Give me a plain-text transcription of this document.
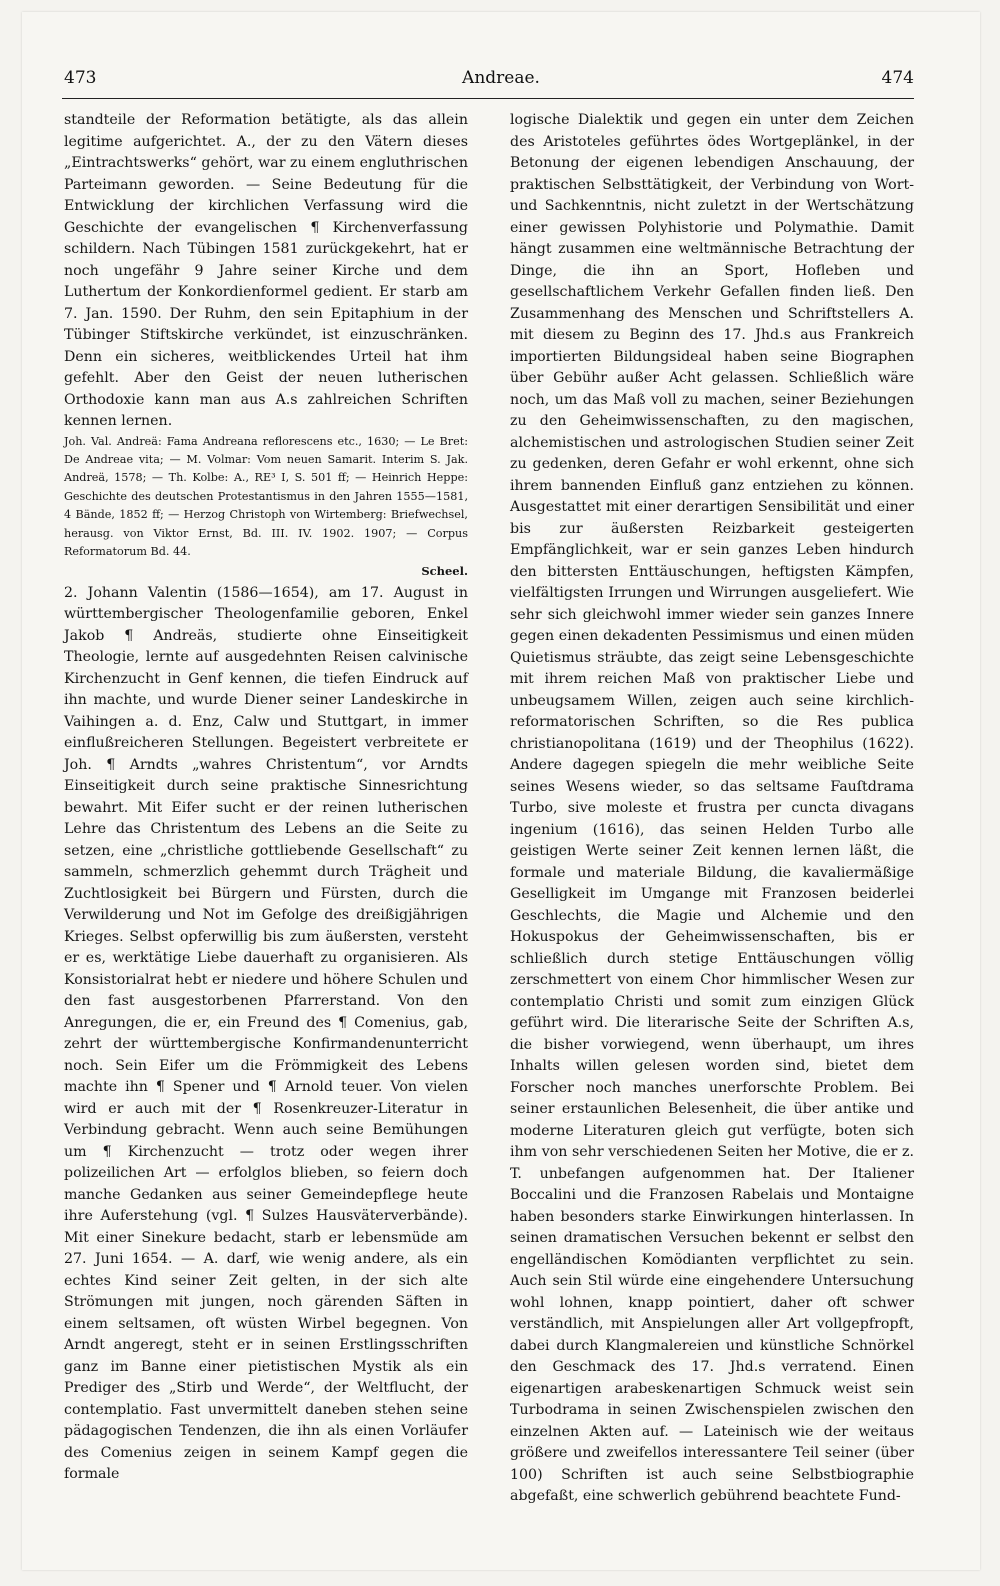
473	Andreae.	474

standteile der Reformation betätigte, als das allein legitime aufgerichtet. A., der zu den Vätern dieses „Eintrachtswerks“ gehört, war zu einem engluthrischen Parteimann geworden. — Seine Bedeutung für die Entwicklung der kirchlichen Verfassung wird die Geschichte der evangelischen ¶ Kirchenverfassung schildern. Nach Tübingen 1581 zurückgekehrt, hat er noch ungefähr 9 Jahre seiner Kirche und dem Luthertum der Konkordienformel gedient. Er starb am 7. Jan. 1590. Der Ruhm, den sein Epitaphium in der Tübinger Stiftskirche verkündet, ist einzuschränken. Denn ein sicheres, weitblickendes Urteil hat ihm gefehlt. Aber den Geist der neuen lutherischen Orthodoxie kann man aus A.s zahlreichen Schriften kennen lernen.

Joh. Val. Andreä: Fama Andreana reflorescens etc., 1630; — Le Bret: De Andreae vita; — M. Volmar: Vom neuen Samarit. Interim S. Jak. Andreä, 1578; — Th. Kolbe: A., RE³ I, S. 501 ff; — Heinrich Heppe: Geschichte des deutschen Protestantismus in den Jahren 1555—1581, 4 Bände, 1852 ff; — Herzog Christoph von Wirtemberg: Briefwechsel, herausg. von Viktor Ernst, Bd. III. IV. 1902. 1907; — Corpus Reformatorum Bd. 44.

Scheel.

2. Johann Valentin (1586—1654), am 17. August in württembergischer Theologenfamilie geboren, Enkel Jakob ¶ Andreäs, studierte ohne Einseitigkeit Theologie, lernte auf ausgedehnten Reisen calvinische Kirchenzucht in Genf kennen, die tiefen Eindruck auf ihn machte, und wurde Diener seiner Landeskirche in Vaihingen a. d. Enz, Calw und Stuttgart, in immer einflußreicheren Stellungen. Begeistert verbreitete er Joh. ¶ Arndts „wahres Christentum“, vor Arndts Einseitigkeit durch seine praktische Sinnesrichtung bewahrt. Mit Eifer sucht er der reinen lutherischen Lehre das Christentum des Lebens an die Seite zu setzen, eine „christliche gottliebende Gesellschaft“ zu sammeln, schmerzlich gehemmt durch Trägheit und Zuchtlosigkeit bei Bürgern und Fürsten, durch die Verwilderung und Not im Gefolge des dreißigjährigen Krieges. Selbst opferwillig bis zum äußersten, versteht er es, werktätige Liebe dauerhaft zu organisieren. Als Konsistorialrat hebt er niedere und höhere Schulen und den fast ausgestorbenen Pfarrerstand. Von den Anregungen, die er, ein Freund des ¶ Comenius, gab, zehrt der württembergische Konfirmandenunterricht noch. Sein Eifer um die Frömmigkeit des Lebens machte ihn ¶ Spener und ¶ Arnold teuer. Von vielen wird er auch mit der ¶ Rosenkreuzer-Literatur in Verbindung gebracht. Wenn auch seine Bemühungen um ¶ Kirchenzucht — trotz oder wegen ihrer polizeilichen Art — erfolglos blieben, so feiern doch manche Gedanken aus seiner Gemeindepflege heute ihre Auferstehung (vgl. ¶ Sulzes Hausväterverbände). Mit einer Sinekure bedacht, starb er lebensmüde am 27. Juni 1654. — A. darf, wie wenig andere, als ein echtes Kind seiner Zeit gelten, in der sich alte Strömungen mit jungen, noch gärenden Säften in einem seltsamen, oft wüsten Wirbel begegnen. Von Arndt angeregt, steht er in seinen Erstlingsschriften ganz im Banne einer pietistischen Mystik als ein Prediger des „Stirb und Werde“, der Weltflucht, der contemplatio. Fast unvermittelt daneben stehen seine pädagogischen Tendenzen, die ihn als einen Vorläufer des Comenius zeigen in seinem Kampf gegen die formale

logische Dialektik und gegen ein unter dem Zeichen des Aristoteles geführtes ödes Wortgeplänkel, in der Betonung der eigenen lebendigen Anschauung, der praktischen Selbsttätigkeit, der Verbindung von Wort- und Sachkenntnis, nicht zuletzt in der Wertschätzung einer gewissen Polyhistorie und Polymathie. Damit hängt zusammen eine weltmännische Betrachtung der Dinge, die ihn an Sport, Hofleben und gesellschaftlichem Verkehr Gefallen finden ließ. Den Zusammenhang des Menschen und Schriftstellers A. mit diesem zu Beginn des 17. Jhd.s aus Frankreich importierten Bildungsideal haben seine Biographen über Gebühr außer Acht gelassen. Schließlich wäre noch, um das Maß voll zu machen, seiner Beziehungen zu den Geheimwissenschaften, zu den magischen, alchemistischen und astrologischen Studien seiner Zeit zu gedenken, deren Gefahr er wohl erkennt, ohne sich ihrem bannenden Einfluß ganz entziehen zu können. Ausgestattet mit einer derartigen Sensibilität und einer bis zur äußersten Reizbarkeit gesteigerten Empfänglichkeit, war er sein ganzes Leben hindurch den bittersten Enttäuschungen, heftigsten Kämpfen, vielfältigsten Irrungen und Wirrungen ausgeliefert. Wie sehr sich gleichwohl immer wieder sein ganzes Innere gegen einen dekadenten Pessimismus und einen müden Quietismus sträubte, das zeigt seine Lebensgeschichte mit ihrem reichen Maß von praktischer Liebe und unbeugsamem Willen, zeigen auch seine kirchlich-reformatorischen Schriften, so die Res publica christianopolitana (1619) und der Theophilus (1622). Andere dagegen spiegeln die mehr weibliche Seite seines Wesens wieder, so das seltsame Fauſtdrama Turbo, sive moleste et frustra per cuncta divagans ingenium (1616), das seinen Helden Turbo alle geistigen Werte seiner Zeit kennen lernen läßt, die formale und materiale Bildung, die kavaliermäßige Geselligkeit im Umgange mit Franzosen beiderlei Geschlechts, die Magie und Alchemie und den Hokuspokus der Geheimwissenschaften, bis er schließlich durch stetige Enttäuschungen völlig zerschmettert von einem Chor himmlischer Wesen zur contemplatio Christi und somit zum einzigen Glück geführt wird. Die literarische Seite der Schriften A.s, die bisher vorwiegend, wenn überhaupt, um ihres Inhalts willen gelesen worden sind, bietet dem Forscher noch manches unerforschte Problem. Bei seiner erstaunlichen Belesenheit, die über antike und moderne Literaturen gleich gut verfügte, boten sich ihm von sehr verschiedenen Seiten her Motive, die er z. T. unbefangen aufgenommen hat. Der Italiener Boccalini und die Franzosen Rabelais und Montaigne haben besonders starke Einwirkungen hinterlassen. In seinen dramatischen Versuchen bekennt er selbst den engelländischen Komödianten verpflichtet zu sein. Auch sein Stil würde eine eingehendere Untersuchung wohl lohnen, knapp pointiert, daher oft schwer verständlich, mit Anspielungen aller Art vollgepfropft, dabei durch Klangmalereien und künstliche Schnörkel den Geschmack des 17. Jhd.s verratend. Einen eigenartigen arabeskenartigen Schmuck weist sein Turbodrama in seinen Zwischenspielen zwischen den einzelnen Akten auf. — Lateinisch wie der weitaus größere und zweifellos interessantere Teil seiner (über 100) Schriften ist auch seine Selbstbiographie abgefaßt, eine schwerlich gebührend beachtete Fund-
